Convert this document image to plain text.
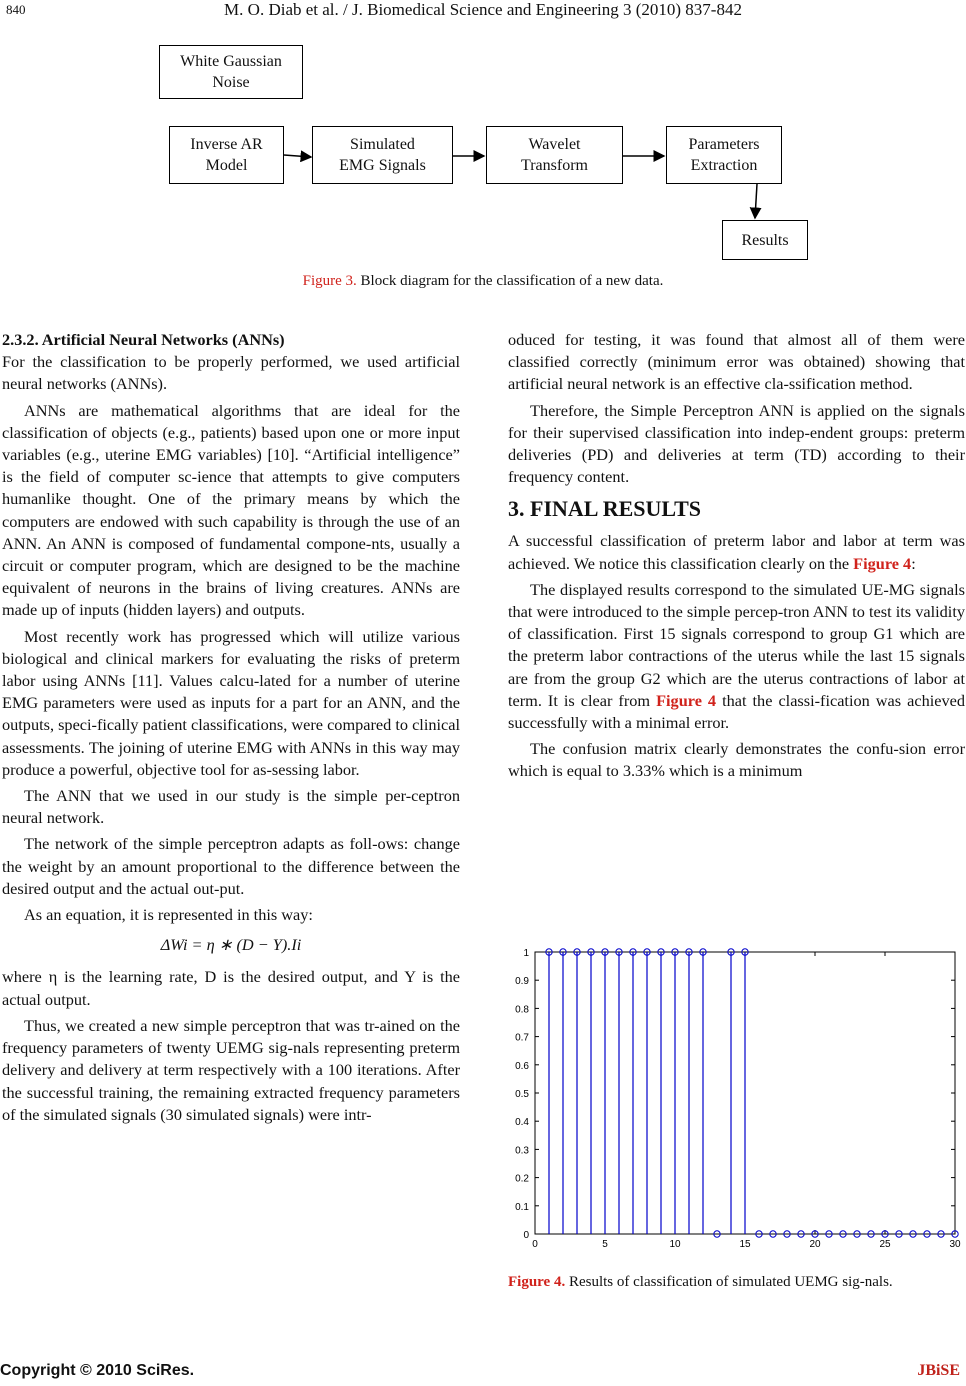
840	M. O. Diab et al. / J. Biomedical Science and Engineering 3 (2010) 837-842
White Gaussian
Noise
Inverse AR
Model
Simulated
EMG Signals
Wavelet
Transform
Parameters
Extraction
Results
Figure 3. Block diagram for the classification of a new data.

2.3.2. Artificial Neural Networks (ANNs)

For the classification to be properly performed, we used artificial neural networks (ANNs).

ANNs are mathematical algorithms that are ideal for the classification of objects (e.g., patients) based upon one or more input variables (e.g., uterine EMG variables) [10]. “Artificial intelligence” is the field of computer sc-ience that attempts to give computers humanlike thought. One of the primary means by which the computers are endowed with such capability is through the use of an ANN. An ANN is composed of fundamental compone-nts, usually a circuit or computer program, which are designed to be the machine equivalent of neurons in the brains of living creatures. ANNs are made up of inputs (hidden layers) and outputs.

Most recently work has progressed which will utilize various biological and clinical markers for evaluating the risks of preterm labor using ANNs [11]. Values calcu-lated for a number of uterine EMG parameters were used as inputs for a part for an ANN, and the outputs, speci-fically patient classifications, were compared to clinical assessments. The joining of uterine EMG with ANNs in this way may produce a powerful, objective tool for as-sessing labor.

The ANN that we used in our study is the simple per-ceptron neural network.

The network of the simple perceptron adapts as foll-ows: change the weight by an amount proportional to the difference between the desired output and the actual out-put.

As an equation, it is represented in this way:

ΔWi = η ∗ (D − Y).Ii

where η is the learning rate, D is the desired output, and Y is the actual output.

Thus, we created a new simple perceptron that was tr-ained on the frequency parameters of twenty UEMG sig-nals representing preterm delivery and delivery at term respectively with a 100 iterations. After the successful training, the remaining extracted frequency parameters of the simulated signals (30 simulated signals) were intr-

oduced for testing, it was found that almost all of them were classified correctly (minimum error was obtained) showing that artificial neural network is an effective cla-ssification method.

Therefore, the Simple Perceptron ANN is applied on the signals for their supervised classification into indep-endent groups: preterm deliveries (PD) and deliveries at term (TD) according to their frequency content.

3. FINAL RESULTS

A successful classification of preterm labor and labor at term was achieved. We notice this classification clearly on the Figure 4:

The displayed results correspond to the simulated UE-MG signals that were introduced to the simple percep-tron ANN to test its validity of classification. First 15 signals correspond to group G1 which are the preterm labor contractions of the uterus while the last 15 signals are from the group G2 which are the uterus contractions of labor at term. It is clear from Figure 4 that the classi-fication was achieved successfully with a minimal error.

The confusion matrix clearly demonstrates the confu-sion error which is equal to 3.33% which is a minimum

0
0.1
0.2
0.3
0.4
0.5
0.6
0.7
0.8
0.9
1
0	5	10	15	20	25	30
Figure 4. Results of classification of simulated UEMG sig-nals.
Copyright © 2010 SciRes.	JBiSE
